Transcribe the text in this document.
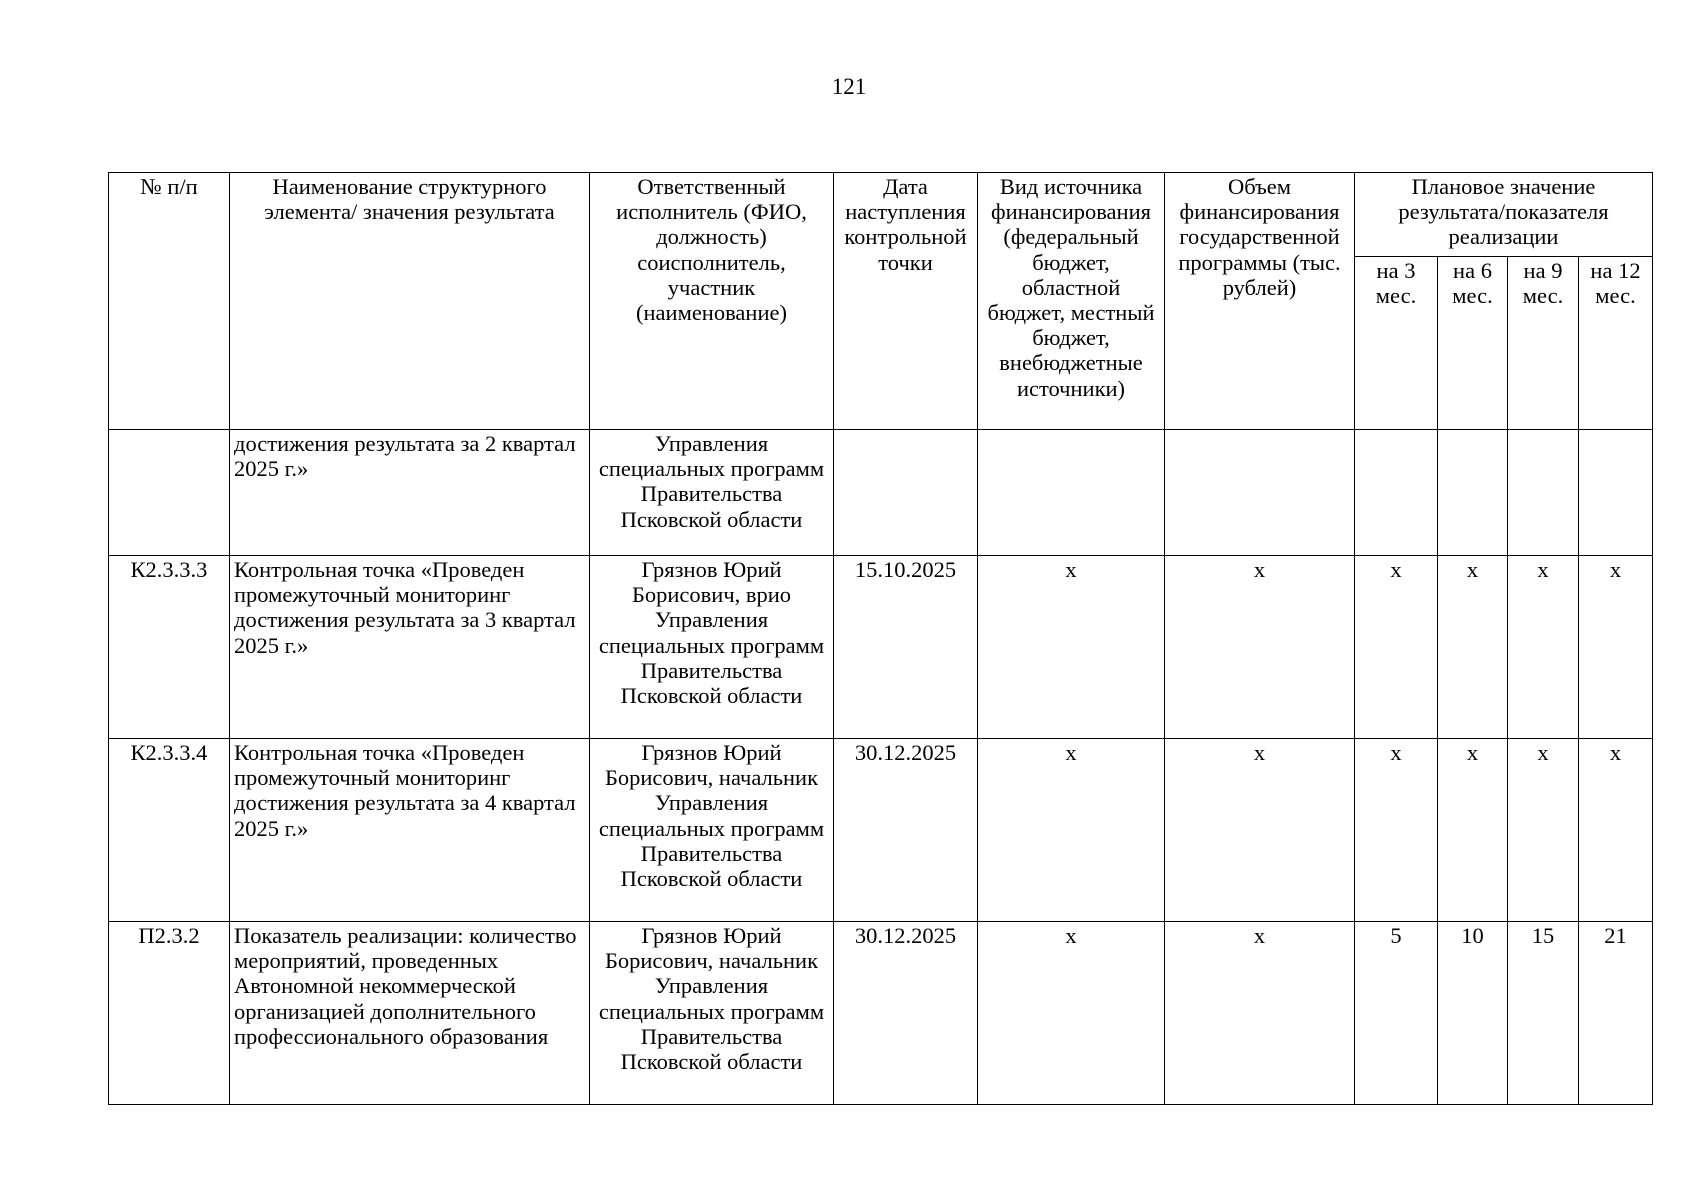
121
№ п/п	Наименование структурного элемента/ значения результата	Ответственный исполнитель (ФИО, должность) соисполнитель, участник (наименование)	Дата наступления контрольной точки	Вид источника финансирования (федеральный бюджет, областной бюджет, местный бюджет, внебюджетные источники)	Объем финансирования государственной программы (тыс. рублей)	Плановое значение результата/показателя реализации			
						на 3 мес.	на 6 мес.	на 9 мес.	на 12 мес.
	достижения результата за 2 квартал 2025 г.»	Управления специальных программ Правительства Псковской области							
К2.3.3.3	Контрольная точка «Проведен промежуточный мониторинг достижения результата за 3 квартал 2025 г.»	Грязнов Юрий Борисович, врио Управления специальных программ Правительства Псковской области	15.10.2025	х	х	х	х	х	х
К2.3.3.4	Контрольная точка «Проведен промежуточный мониторинг достижения результата за 4 квартал 2025 г.»	Грязнов Юрий Борисович, начальник Управления специальных программ Правительства Псковской области	30.12.2025	х	х	х	х	х	х
П2.3.2	Показатель реализации: количество мероприятий, проведенных Автономной некоммерческой организацией дополнительного профессионального образования	Грязнов Юрий Борисович, начальник Управления специальных программ Правительства Псковской области	30.12.2025	х	х	5	10	15	21
